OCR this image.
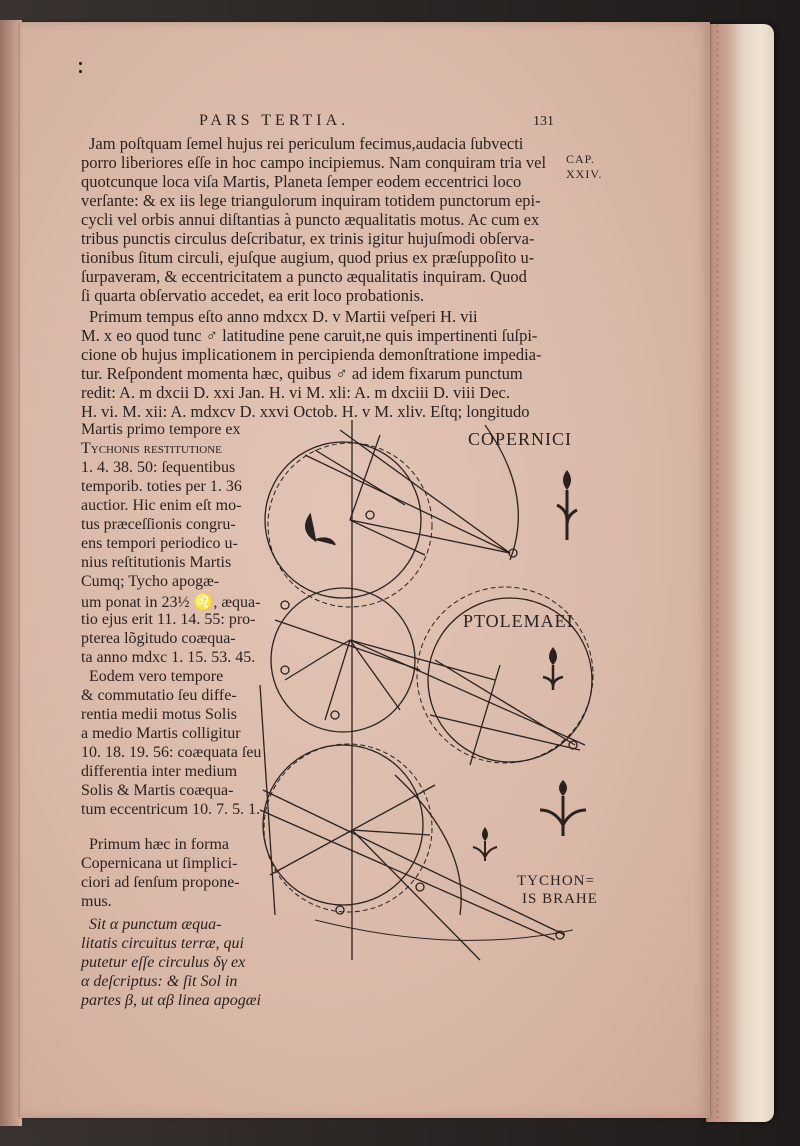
PARS TERTIA.	131
CAP.
XXIV.
Jam poſtquam ſemel hujus rei periculum fecimus,audacia ſubvecti
porro liberiores eſſe in hoc campo incipiemus. Nam conquiram tria vel
quotcunque loca viſa Martis, Planeta ſemper eodem eccentrici loco
verſante: & ex iis lege triangulorum inquiram totidem punctorum epi-
cycli vel orbis annui diſtantias à puncto æqualitatis motus. Ac cum ex
tribus punctis circulus deſcribatur, ex trinis igitur hujuſmodi obſerva-
tionibus ſitum circuli, ejuſque augium, quod prius ex præſuppoſito u-
ſurpaveram, & eccentricitatem a puncto æqualitatis inquiram. Quod
ſi quarta obſervatio accedet, ea erit loco probationis.
Primum tempus eſto anno mdxcx D. v Martii veſperi H. vii
M. x eo quod tunc ♂ latitudine pene caruit,ne quis impertinenti ſuſpi-
cione ob hujus implicationem in percipienda demonſtratione impedia-
tur. Reſpondent momenta hæc, quibus ♂ ad idem fixarum punctum
redit: A. m dxcii D. xxi Jan. H. vi M. xli: A. m dxciii D. viii Dec.
H. vi. M. xii: A. mdxcv D. xxvi Octob. H. v M. xliv. Eſtq; longitudo
Martis primo tempore ex
Tychonis reſtitutione
1. 4. 38. 50: ſequentibus
temporib. toties per 1. 36
auctior. Hic enim eſt mo-
tus præceſſionis congru-
ens tempori periodico u-
nius reſtitutionis Martis
Cumq; Tycho apogæ-
um ponat in 23½ ♌, æqua-
tio ejus erit 11. 14. 55: pro-
pterea lõgitudo coæqua-
ta anno mdxc 1. 15. 53. 45.
Eodem vero tempore
& commutatio ſeu diffe-
rentia medii motus Solis
a medio Martis colligitur
10. 18. 19. 56: coæquata ſeu
differentia inter medium
Solis & Martis coæqua-
tum eccentricum 10. 7. 5. 1.
Primum hæc in forma
Copernicana ut ſimplici-
ciori ad ſenſum propone-
mus.
Sit α punctum æqua-
litatis circuitus terræ, qui
putetur eſſe circulus δγ ex
α deſcriptus: & ſit Sol in
partes β, ut αβ linea apogæi
COPERNICI
PTOLEMAEI
TYCHON=
IS BRAHE
